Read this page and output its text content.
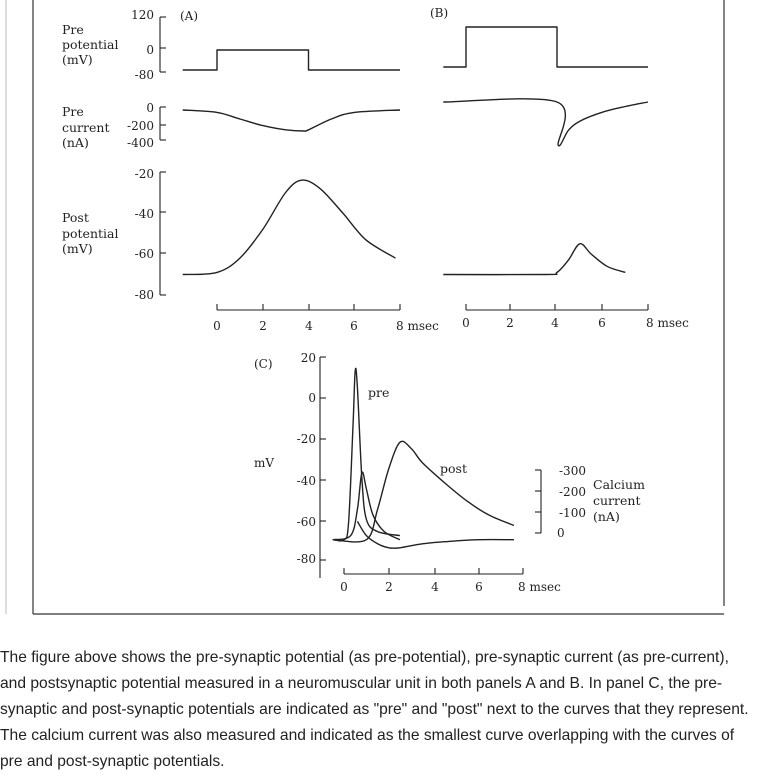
(A)	(B)
(C)
Pre potential (mV)
Pre current (nA)
Post potential (mV)
120
0
-80
0
-200
-400
-20
-40
-60
-80
0	2	4	6	8 msec 0	2	4	6	8 msec
mV
20
0
-20
-40
-60
-80
0	2	4	6	8 msec
pre
post	-300
-200
-100
0
Calcium current (nA)

The figure above shows the pre-synaptic potential (as pre-potential), pre-synaptic current (as pre-current), and postsynaptic potential measured in a neuromuscular unit in both panels A and B. In panel C, the pre-synaptic and post-synaptic potentials are indicated as "pre" and "post" next to the curves that they represent. The calcium current was also measured and indicated as the smallest curve overlapping with the curves of pre and post-synaptic potentials.
